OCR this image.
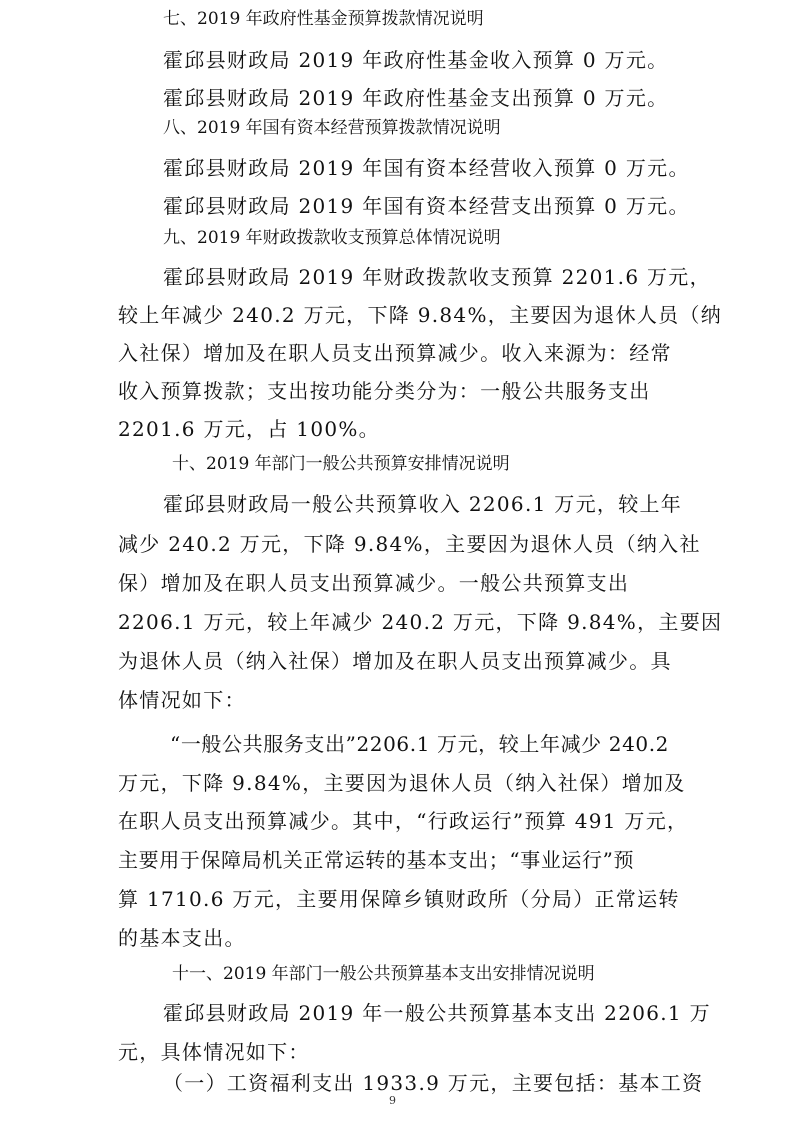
七、2019 年政府性基金预算拨款情况说明
霍邱县财政局 2019 年政府性基金收入预算 0 万元。
霍邱县财政局 2019 年政府性基金支出预算 0 万元。
八、2019 年国有资本经营预算拨款情况说明
霍邱县财政局 2019 年国有资本经营收入预算 0 万元。
霍邱县财政局 2019 年国有资本经营支出预算 0 万元。
九、2019 年财政拨款收支预算总体情况说明
霍邱县财政局 2019 年财政拨款收支预算 2201.6 万元，
较上年减少 240.2 万元，下降 9.84%，主要因为退休人员（纳
入社保）增加及在职人员支出预算减少。收入来源为：经常
收入预算拨款；支出按功能分类分为：一般公共服务支出
2201.6 万元，占 100%。
十、2019 年部门一般公共预算安排情况说明
霍邱县财政局一般公共预算收入 2206.1 万元，较上年
减少 240.2 万元，下降 9.84%，主要因为退休人员（纳入社
保）增加及在职人员支出预算减少。一般公共预算支出
2206.1 万元，较上年减少 240.2 万元，下降 9.84%，主要因
为退休人员（纳入社保）增加及在职人员支出预算减少。具
体情况如下：
“一般公共服务支出”2206.1 万元，较上年减少 240.2
万元，下降 9.84%，主要因为退休人员（纳入社保）增加及
在职人员支出预算减少。其中，“行政运行”预算 491 万元，
主要用于保障局机关正常运转的基本支出；“事业运行”预
算 1710.6 万元，主要用保障乡镇财政所（分局）正常运转
的基本支出。
十一、2019 年部门一般公共预算基本支出安排情况说明
霍邱县财政局 2019 年一般公共预算基本支出 2206.1 万
元，具体情况如下：
（一）工资福利支出 1933.9 万元，主要包括：基本工资
9
